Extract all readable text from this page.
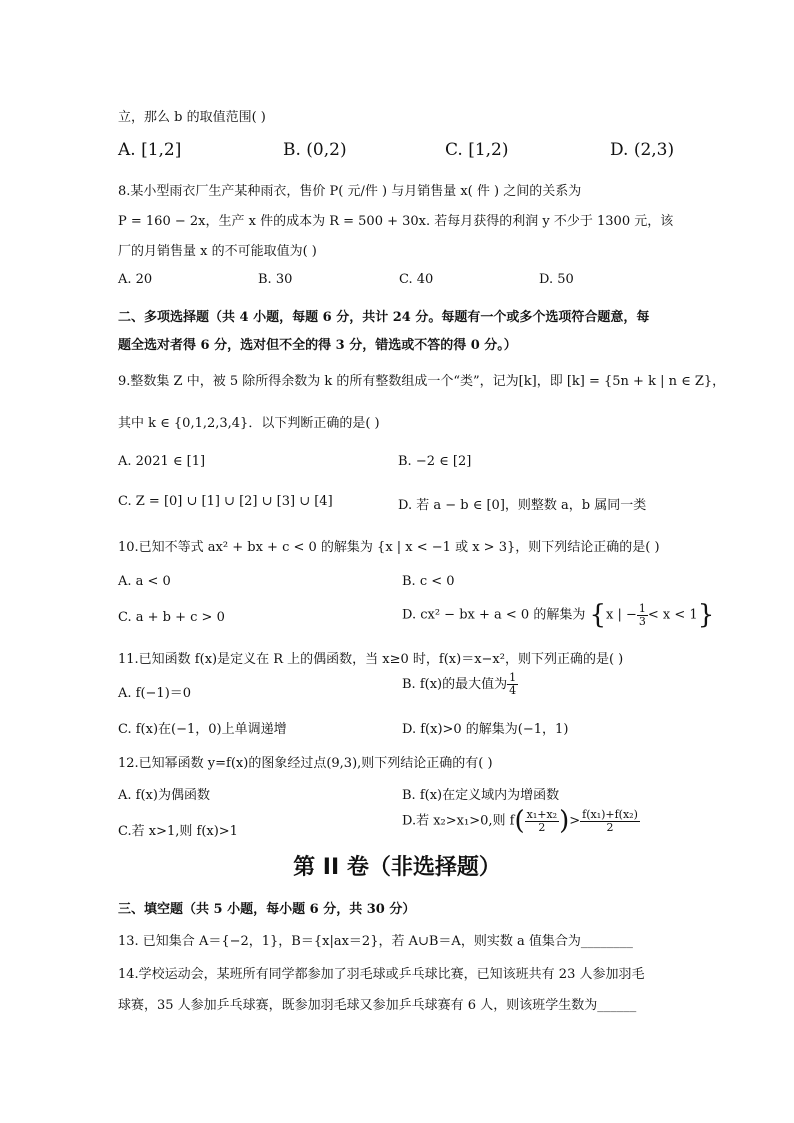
立，那么 b 的取值范围( )
A. [1,2]	B. (0,2)	C. [1,2)	D. (2,3)
8.某小型雨衣厂生产某种雨衣，售价 P( 元/件 ) 与月销售量 x( 件 ) 之间的关系为
P = 160 − 2x，生产 x 件的成本为 R = 500 + 30x. 若每月获得的利润 y 不少于 1300 元，该
厂的月销售量 x 的不可能取值为( )
A. 20	B. 30	C. 40	D. 50
二、多项选择题（共 4 小题，每题 6 分，共计 24 分。每题有一个或多个选项符合题意，每
题全选对者得 6 分，选对但不全的得 3 分，错选或不答的得 0 分。）
9.整数集 Z 中，被 5 除所得余数为 k 的所有整数组成一个“类”，记为[k]，即 [k] = {5n + k | n ∈ Z}，
其中 k ∈ {0,1,2,3,4}．以下判断正确的是( )
A. 2021 ∈ [1]	B. −2 ∈ [2]
C. Z = [0] ∪ [1] ∪ [2] ∪ [3] ∪ [4]	D. 若 a − b ∈ [0]，则整数 a，b 属同一类
10.已知不等式 ax² + bx + c < 0 的解集为 {x | x < −1 或 x > 3}，则下列结论正确的是( )
A. a < 0	B. c < 0
C. a + b + c > 0	D. cx² − bx + a < 0 的解集为 {x | − $\frac{1}{3} < x < 1$}
11.已知函数 f(x)是定义在 R 上的偶函数，当 x≥0 时，f(x)＝x−x²，则下列正确的是( )
A. f(−1)＝0
B. f(x)的最大值为 $\frac{1}{4}$
C. f(x)在(−1，0)上单调递增	D. f(x)>0 的解集为(−1，1)
12.已知幂函数 y=f(x)的图象经过点(9,3),则下列结论正确的有( )
A. f(x)为偶函数	B. f(x)在定义域内为增函数
C.若 x>1,则 f(x)>1
D.若 x₂>x₁>0,则 $f( \frac{\text{x₁+x₂}}{2}$ )> $\frac{\text{f(x₁)+f(x₂)}}{2}$
第 II 卷（非选择题）
三、填空题（共 5 小题，每小题 6 分，共 30 分）
13. 已知集合 A＝{−2，1}，B＝{x|ax＝2}，若 A∪B＝A，则实数 a 值集合为________
14.学校运动会，某班所有同学都参加了羽毛球或乒乓球比赛，已知该班共有 23 人参加羽毛
球赛，35 人参加乒乓球赛，既参加羽毛球又参加乒乓球赛有 6 人，则该班学生数为______
